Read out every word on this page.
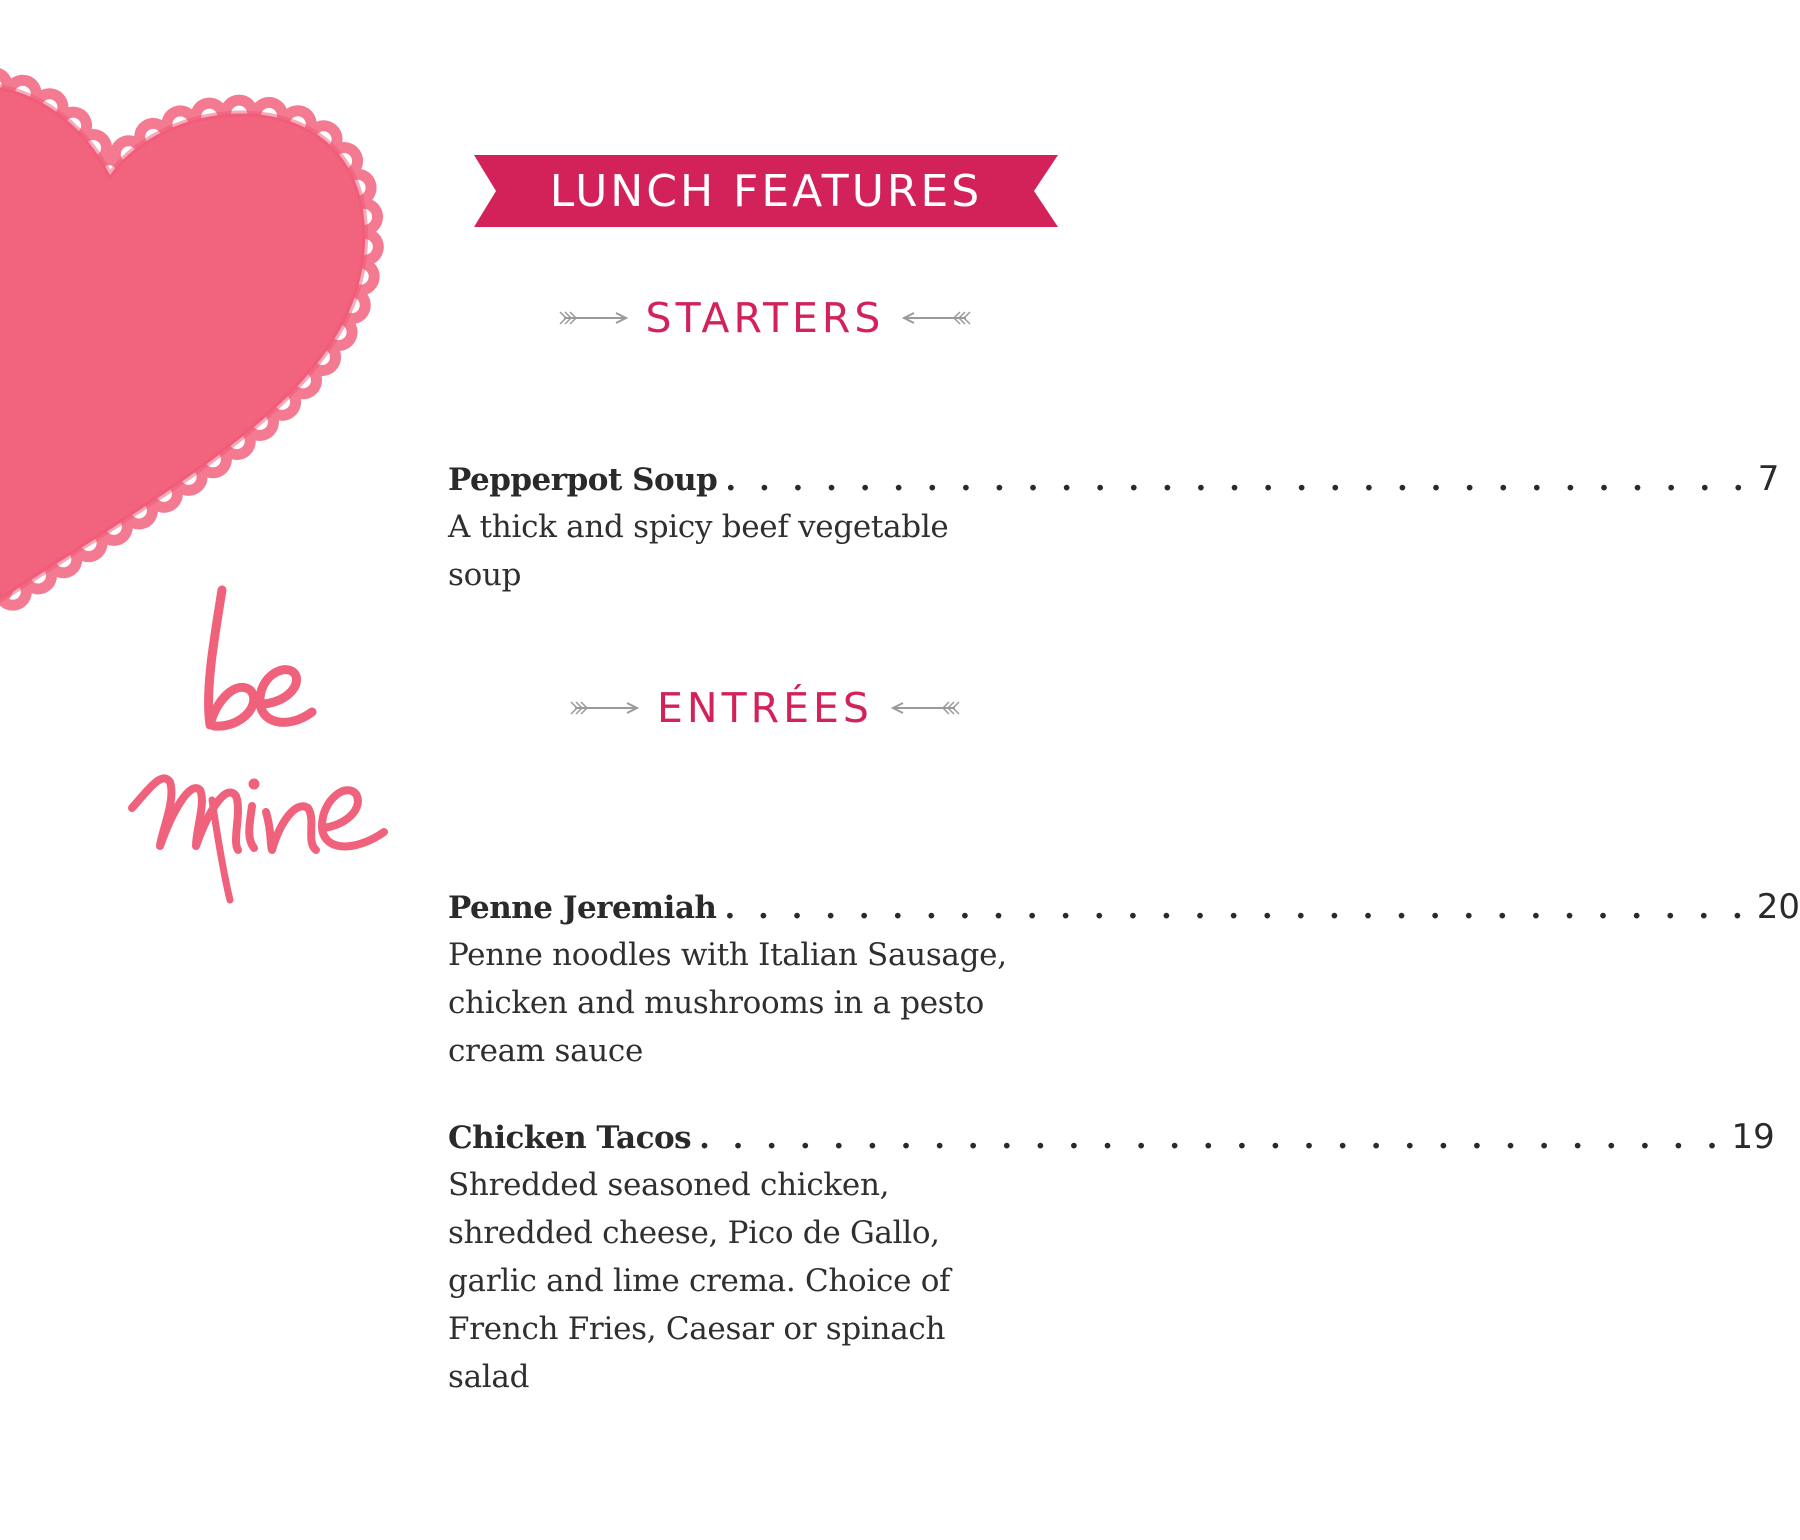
LUNCH FEATURES
STARTERS
Pepperpot Soup . . . . . . . . . . . . . . . . . . . . . . . . . . . . . . . 7
A thick and spicy beef vegetable soup
ENTRÉES
Penne Jeremiah . . . . . . . . . . . . . . . . . . . . . . . . . . . . . . . 20
Penne noodles with Italian Sausage, chicken and mushrooms in a pesto cream sauce
Chicken Tacos . . . . . . . . . . . . . . . . . . . . . . . . . . . . . . . 19
Shredded seasoned chicken, shredded cheese, Pico de Gallo, garlic and lime crema. Choice of French Fries, Caesar or spinach salad
